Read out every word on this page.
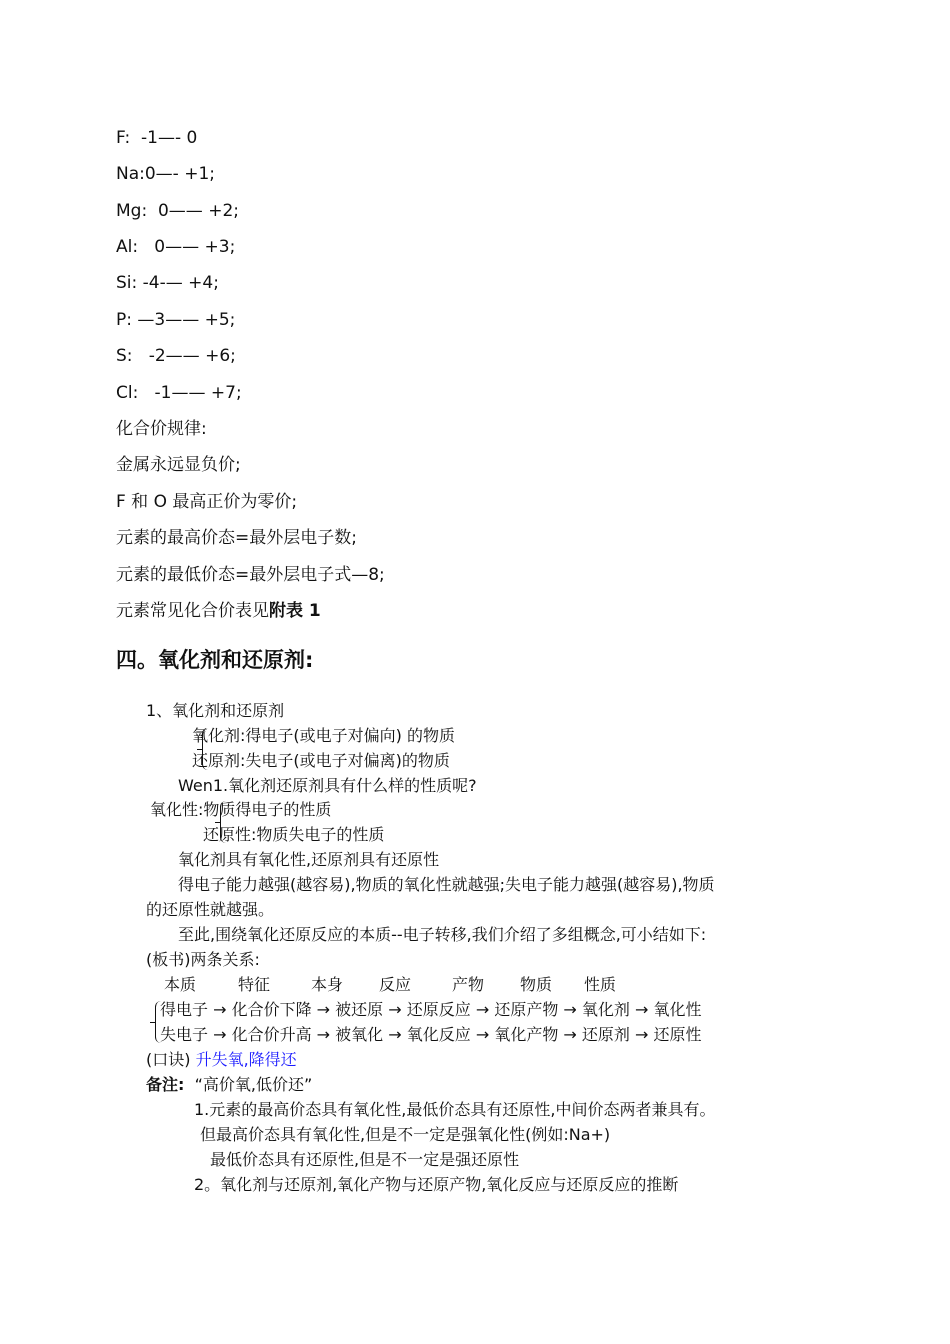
F:  -1—- 0
Na:0—- +1;
Mg:  0—— +2;
Al:   0—— +3;
Si: -4-— +4;
P: —3—— +5;
S:   -2—— +6;
Cl:   -1—— +7;
化合价规律:
金属永远显负价;
F 和 O 最高正价为零价;
元素的最高价态=最外层电子数;
元素的最低价态=最外层电子式—8;
元素常见化合价表见附表 1
四。氧化剂和还原剂:
1、氧化剂和还原剂
氧化剂:得电子(或电子对偏向) 的物质
还原剂:失电子(或电子对偏离)的物质
Wen1.氧化剂还原剂具有什么样的性质呢?
氧化性:物质得电子的性质
还原性:物质失电子的性质
氧化剂具有氧化性,还原剂具有还原性
得电子能力越强(越容易),物质的氧化性就越强;失电子能力越强(越容易),物质
的还原性就越强。
至此,围绕氧化还原反应的本质--电子转移,我们介绍了多组概念,可小结如下:
(板书)两条关系:
本质	特征	本身 反应	产物 物质 性质
得电子 → 化合价下降 → 被还原 → 还原反应 → 还原产物 → 氧化剂 → 氧化性
失电子 → 化合价升高 → 被氧化 → 氧化反应 → 氧化产物 → 还原剂 → 还原性
(口诀) 升失氧,降得还
备注: “高价氧,低价还”
1.元素的最高价态具有氧化性,最低价态具有还原性,中间价态两者兼具有。
但最高价态具有氧化性,但是不一定是强氧化性(例如:Na+)
最低价态具有还原性,但是不一定是强还原性
2。氧化剂与还原剂,氧化产物与还原产物,氧化反应与还原反应的推断
